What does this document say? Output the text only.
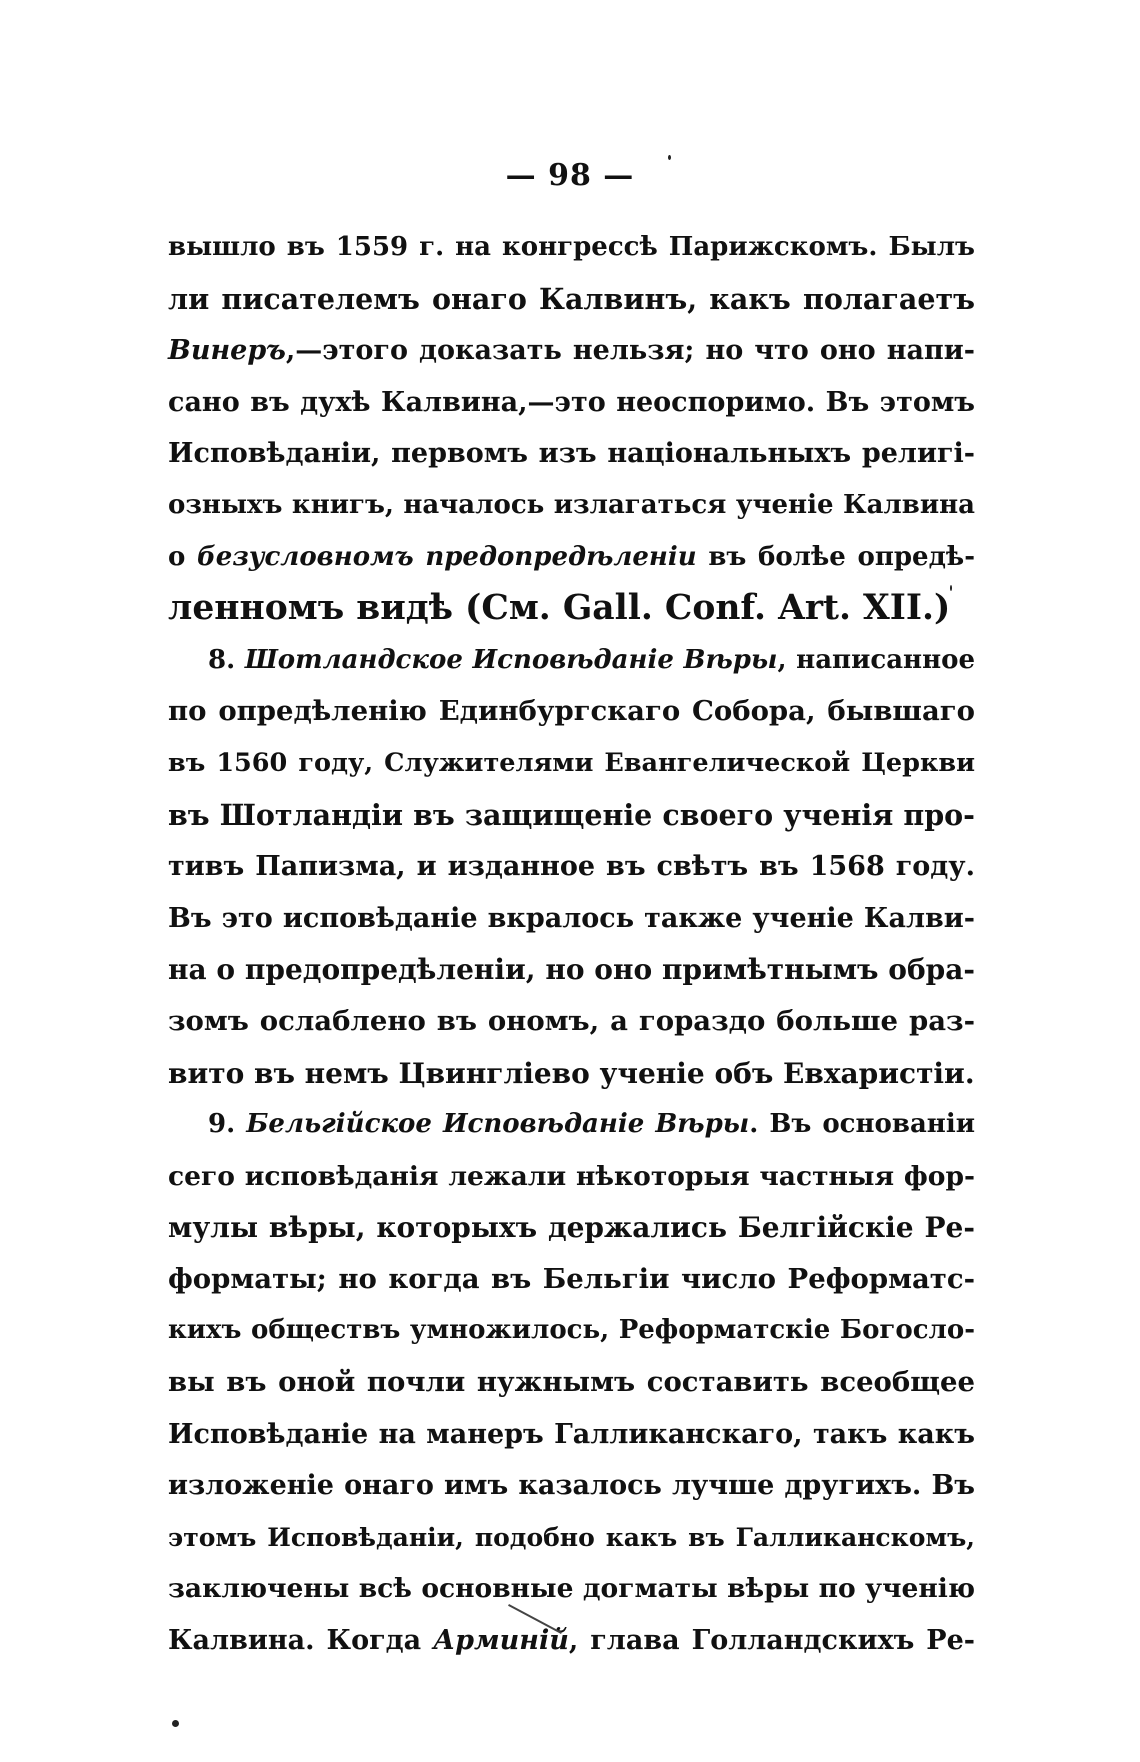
— 98 —
вышло въ 1559 г. на конгрессѣ Парижскомъ. Былъ
ли писателемъ онаго Калвинъ, какъ полагаетъ
Винеръ,—этого доказать нельзя; но что оно напи-
сано въ духѣ Калвина,—это неоспоримо. Въ этомъ
Исповѣданіи, первомъ изъ національныхъ религі-
озныхъ книгъ, началось излагаться ученіе Калвина
о безусловномъ предопредѣленіи въ болѣе опредѣ-
ленномъ видѣ (См. Gall. Conf. Art. XII.)
8. Шотландское Исповѣданіе Вѣры, написанное
по опредѣленію Единбургскаго Собора, бывшаго
въ 1560 году, Служителями Евангелической Церкви
въ Шотландіи въ защищеніе своего ученія про-
тивъ Папизма, и изданное въ свѣтъ въ 1568 году.
Въ это исповѣданіе вкралось также ученіе Калви-
на о предопредѣленіи, но оно примѣтнымъ обра-
зомъ ослаблено въ ономъ, а гораздо больше раз-
вито въ немъ Цвингліево ученіе объ Евхаристіи.
9. Бельгійское Исповѣданіе Вѣры. Въ основаніи
сего исповѣданія лежали нѣкоторыя частныя фор-
мулы вѣры, которыхъ держались Белгійскіе Ре-
форматы; но когда въ Бельгіи число Реформатс-
кихъ обществъ умножилось, Реформатскіе Богосло-
вы въ оной почли нужнымъ составить всеобщее
Исповѣданіе на манеръ Галликанскаго, такъ какъ
изложеніе онаго имъ казалось лучше другихъ. Въ
этомъ Исповѣданіи, подобно какъ въ Галликанскомъ,
заключены всѣ основные догматы вѣры по ученію
Калвина. Когда Арминій, глава Голландскихъ Ре-
